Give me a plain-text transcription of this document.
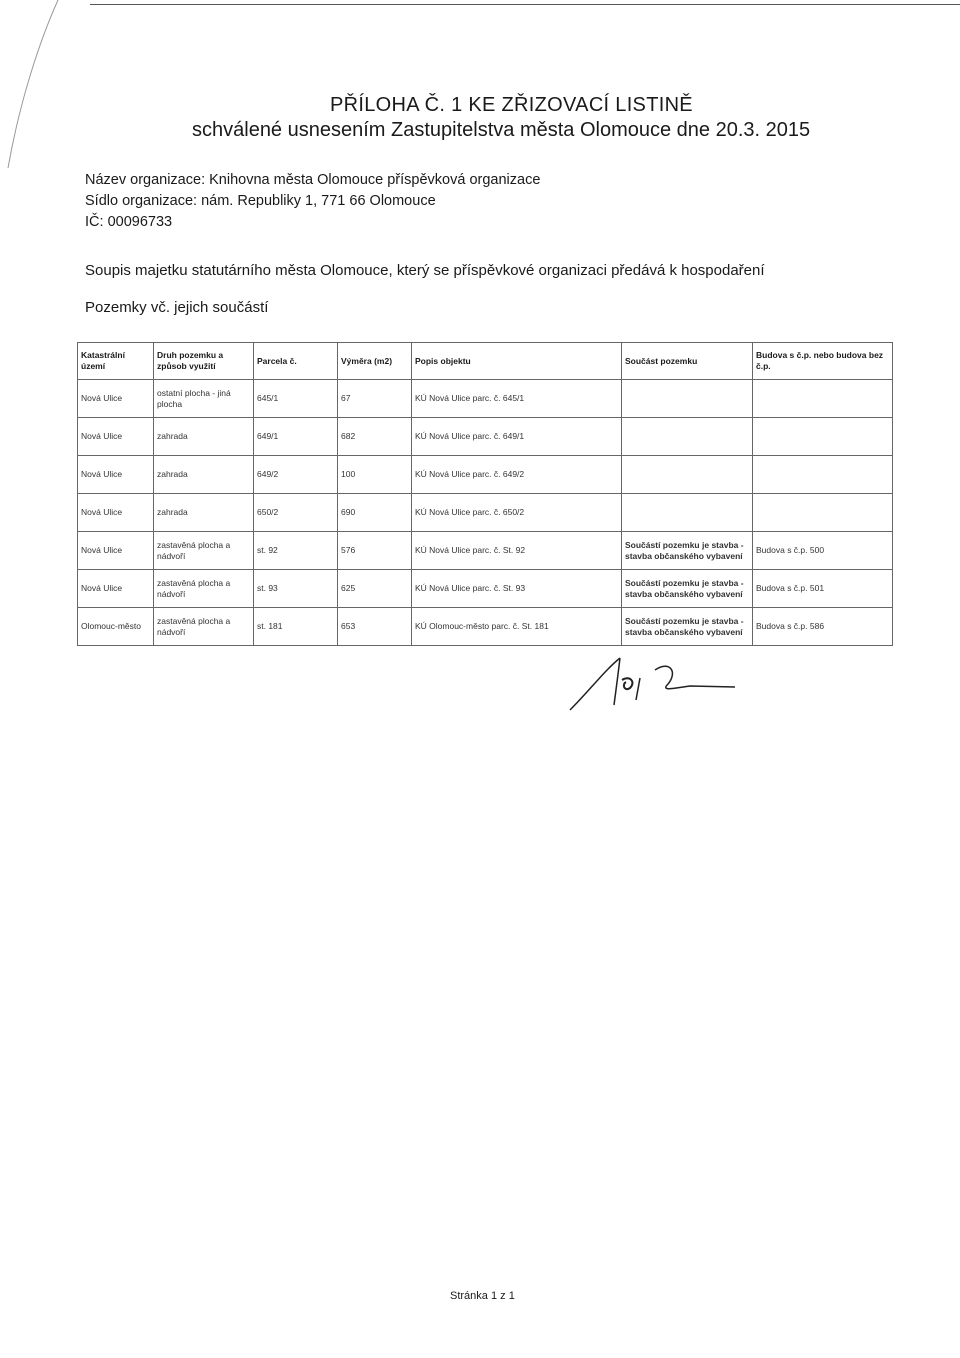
PŘÍLOHA Č. 1 KE ZŘIZOVACÍ LISTINĚ
schválené usnesením Zastupitelstva města Olomouce dne 20.3. 2015
Název organizace: Knihovna města Olomouce příspěvková organizace
Sídlo organizace: nám. Republiky 1, 771 66 Olomouce
IČ: 00096733
Soupis majetku statutárního města Olomouce, který se příspěvkové organizaci předává k hospodaření
Pozemky vč. jejich součástí
Katastrální území	Druh pozemku a způsob využití	Parcela č.	Výměra (m2)	Popis objektu	Součást pozemku	Budova s č.p. nebo budova bez č.p.
Nová Ulice	ostatní plocha - jiná plocha	645/1	67	KÚ Nová Ulice parc. č. 645/1		
Nová Ulice	zahrada	649/1	682	KÚ Nová Ulice parc. č. 649/1		
Nová Ulice	zahrada	649/2	100	KÚ Nová Ulice parc. č. 649/2		
Nová Ulice	zahrada	650/2	690	KÚ Nová Ulice parc. č. 650/2		
Nová Ulice	zastavěná plocha a nádvoří	st. 92	576	KÚ Nová Ulice parc. č. St. 92	Součástí pozemku je stavba - stavba občanského vybavení	Budova s č.p. 500
Nová Ulice	zastavěná plocha a nádvoří	st. 93	625	KÚ Nová Ulice parc. č. St. 93	Součástí pozemku je stavba - stavba občanského vybavení	Budova s č.p. 501
Olomouc-město	zastavěná plocha a nádvoří	st. 181	653	KÚ Olomouc-město parc. č. St. 181	Součástí pozemku je stavba - stavba občanského vybavení	Budova s č.p. 586
Stránka 1 z 1
